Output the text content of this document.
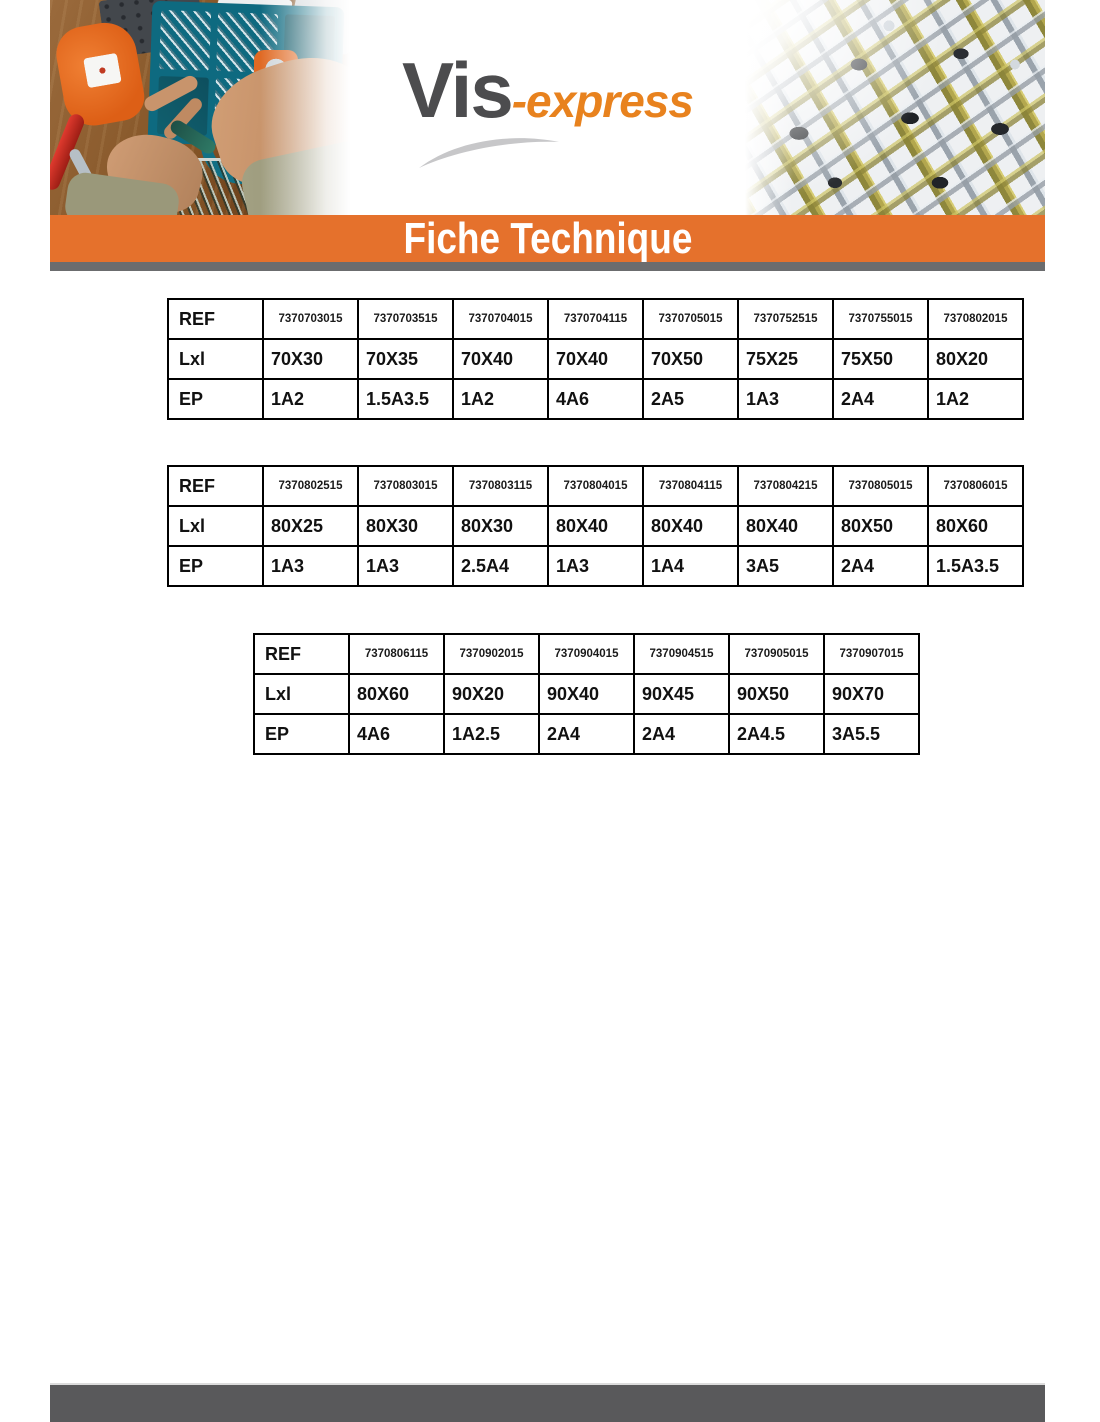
Vis -express
Fiche Technique
REF	7370703015	7370703515	7370704015	7370704115	7370705015	7370752515	7370755015	7370802015
Lxl	70X30	70X35	70X40	70X40	70X50	75X25	75X50	80X20
EP	1A2	1.5A3.5	1A2	4A6	2A5	1A3	2A4	1A2
REF	7370802515	7370803015	7370803115	7370804015	7370804115	7370804215	7370805015	7370806015
Lxl	80X25	80X30	80X30	80X40	80X40	80X40	80X50	80X60
EP	1A3	1A3	2.5A4	1A3	1A4	3A5	2A4	1.5A3.5
REF	7370806115	7370902015	7370904015	7370904515	7370905015	7370907015
Lxl	80X60	90X20	90X40	90X45	90X50	90X70
EP	4A6	1A2.5	2A4	2A4	2A4.5	3A5.5
